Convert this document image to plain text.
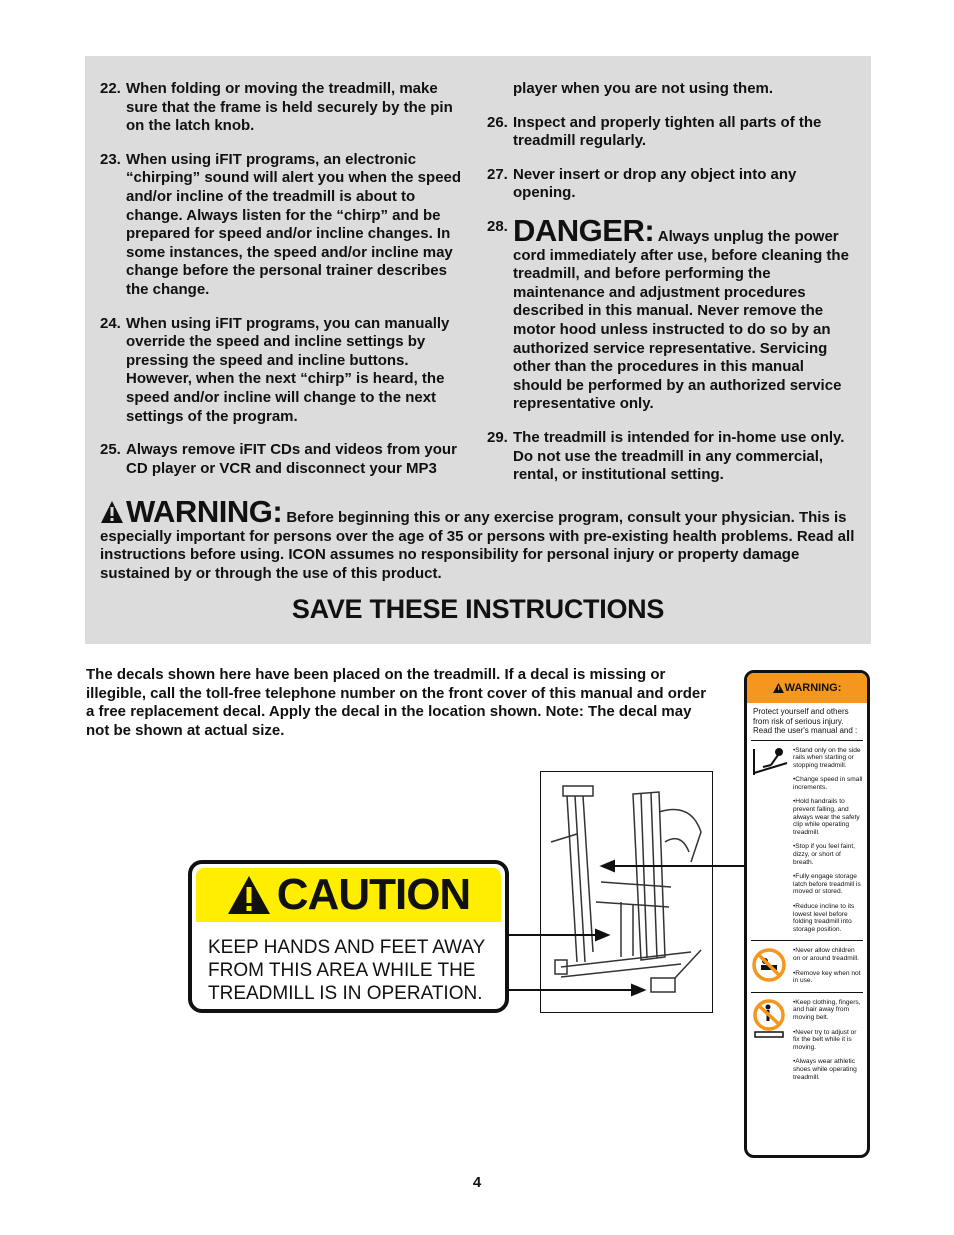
22. When folding or moving the treadmill, make sure that the frame is held securely by the pin on the latch knob.
23. When using iFIT programs, an electronic “chirping” sound will alert you when the speed and/or incline of the treadmill is about to change. Always listen for the “chirp” and be prepared for speed and/or incline changes. In some instances, the speed and/or incline may change before the personal trainer describes the change.
24. When using iFIT programs, you can manually override the speed and incline settings by pressing the speed and incline buttons. However, when the next “chirp” is heard, the speed and/or incline will change to the next settings of the program.
25. Always remove iFIT CDs and videos from your CD player or VCR and disconnect your MP3
player when you are not using them.
26. Inspect and properly tighten all parts of the treadmill regularly.
27. Never insert or drop any object into any opening.
28. DANGER: Always unplug the power cord immediately after use, before cleaning the treadmill, and before performing the maintenance and adjustment procedures described in this manual. Never remove the motor hood unless instructed to do so by an authorized service representative. Servicing other than the procedures in this manual should be performed by an authorized service representative only.
29. The treadmill is intended for in-home use only. Do not use the treadmill in any commercial, rental, or institutional setting.
WARNING: Before beginning this or any exercise program, consult your physician. This is especially important for persons over the age of 35 or persons with pre-existing health problems. Read all instructions before using. ICON assumes no responsibility for personal injury or property damage sustained by or through the use of this product.
SAVE THESE INSTRUCTIONS
The decals shown here have been placed on the treadmill. If a decal is missing or illegible, call the toll-free telephone number on the front cover of this manual and order a free replacement decal. Apply the decal in the location shown. Note: The decal may not be shown at actual size.
CAUTION
KEEP HANDS AND FEET AWAY FROM THIS AREA WHILE THE TREADMILL IS IN OPERATION.
WARNING:
Protect yourself and others from risk of serious injury. Read the user's manual and :
•Stand only on the side rails when starting or stopping treadmill.
•Change speed in small increments.
•Hold handrails to prevent falling, and always wear the safety clip while operating treadmill.
•Stop if you feel faint, dizzy, or short of breath.
•Fully engage storage latch before treadmill is moved or stored.
•Reduce incline to its lowest level before folding treadmill into storage position.
•Never allow children on or around treadmill.
•Remove key when not in use.
•Keep clothing, fingers, and hair away from moving belt.
•Never try to adjust or fix the belt while it is moving.
•Always wear athletic shoes while operating treadmill.
4
